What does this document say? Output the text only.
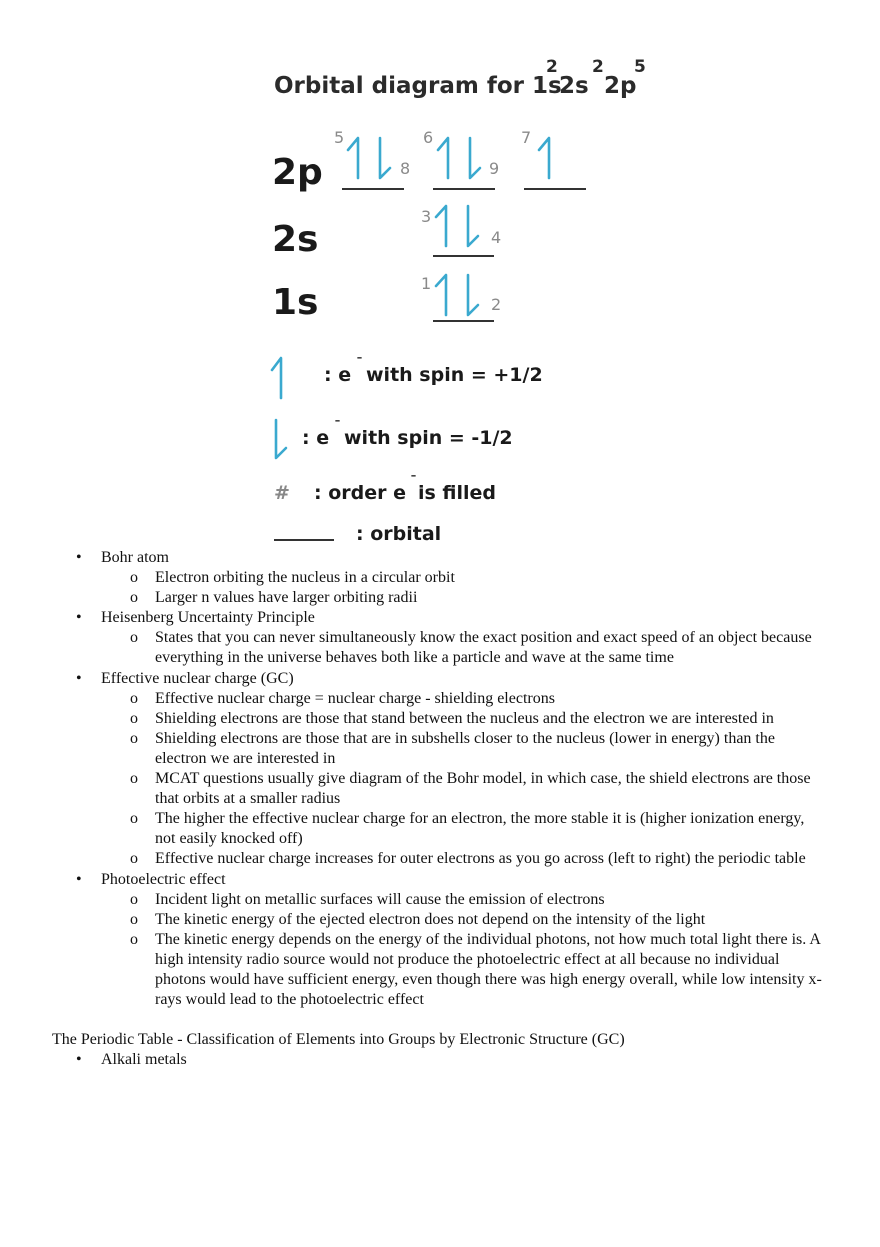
Orbital diagram for 1s
2
2s
2
2p
5
2p
2s
1s
5
8
6
9
7
3
4
1
2
: e ¯ with spin = +1/2
: e ¯ with spin = -1/2
# : order e ¯ is filled
: orbital
• Bohr atom
o Electron orbiting the nucleus in a circular orbit
o Larger n values have larger orbiting radii
• Heisenberg Uncertainty Principle
o States that you can never simultaneously know the exact position and exact speed of an object because everything in the universe behaves both like a particle and wave at the same time
• Effective nuclear charge (GC)
o Effective nuclear charge = nuclear charge - shielding electrons
o Shielding electrons are those that stand between the nucleus and the electron we are interested in
o Shielding electrons are those that are in subshells closer to the nucleus (lower in energy) than the electron we are interested in
o MCAT questions usually give diagram of the Bohr model, in which case, the shield electrons are those that orbits at a smaller radius
o The higher the effective nuclear charge for an electron, the more stable it is (higher ionization energy, not easily knocked off)
o Effective nuclear charge increases for outer electrons as you go across (left to right) the periodic table
• Photoelectric effect
o Incident light on metallic surfaces will cause the emission of electrons
o The kinetic energy of the ejected electron does not depend on the intensity of the light
o The kinetic energy depends on the energy of the individual photons, not how much total light there is. A high intensity radio source would not produce the photoelectric effect at all because no individual photons would have sufficient energy, even though there was high energy overall, while low intensity x-rays would lead to the photoelectric effect
The Periodic Table - Classification of Elements into Groups by Electronic Structure (GC)
• Alkali metals
